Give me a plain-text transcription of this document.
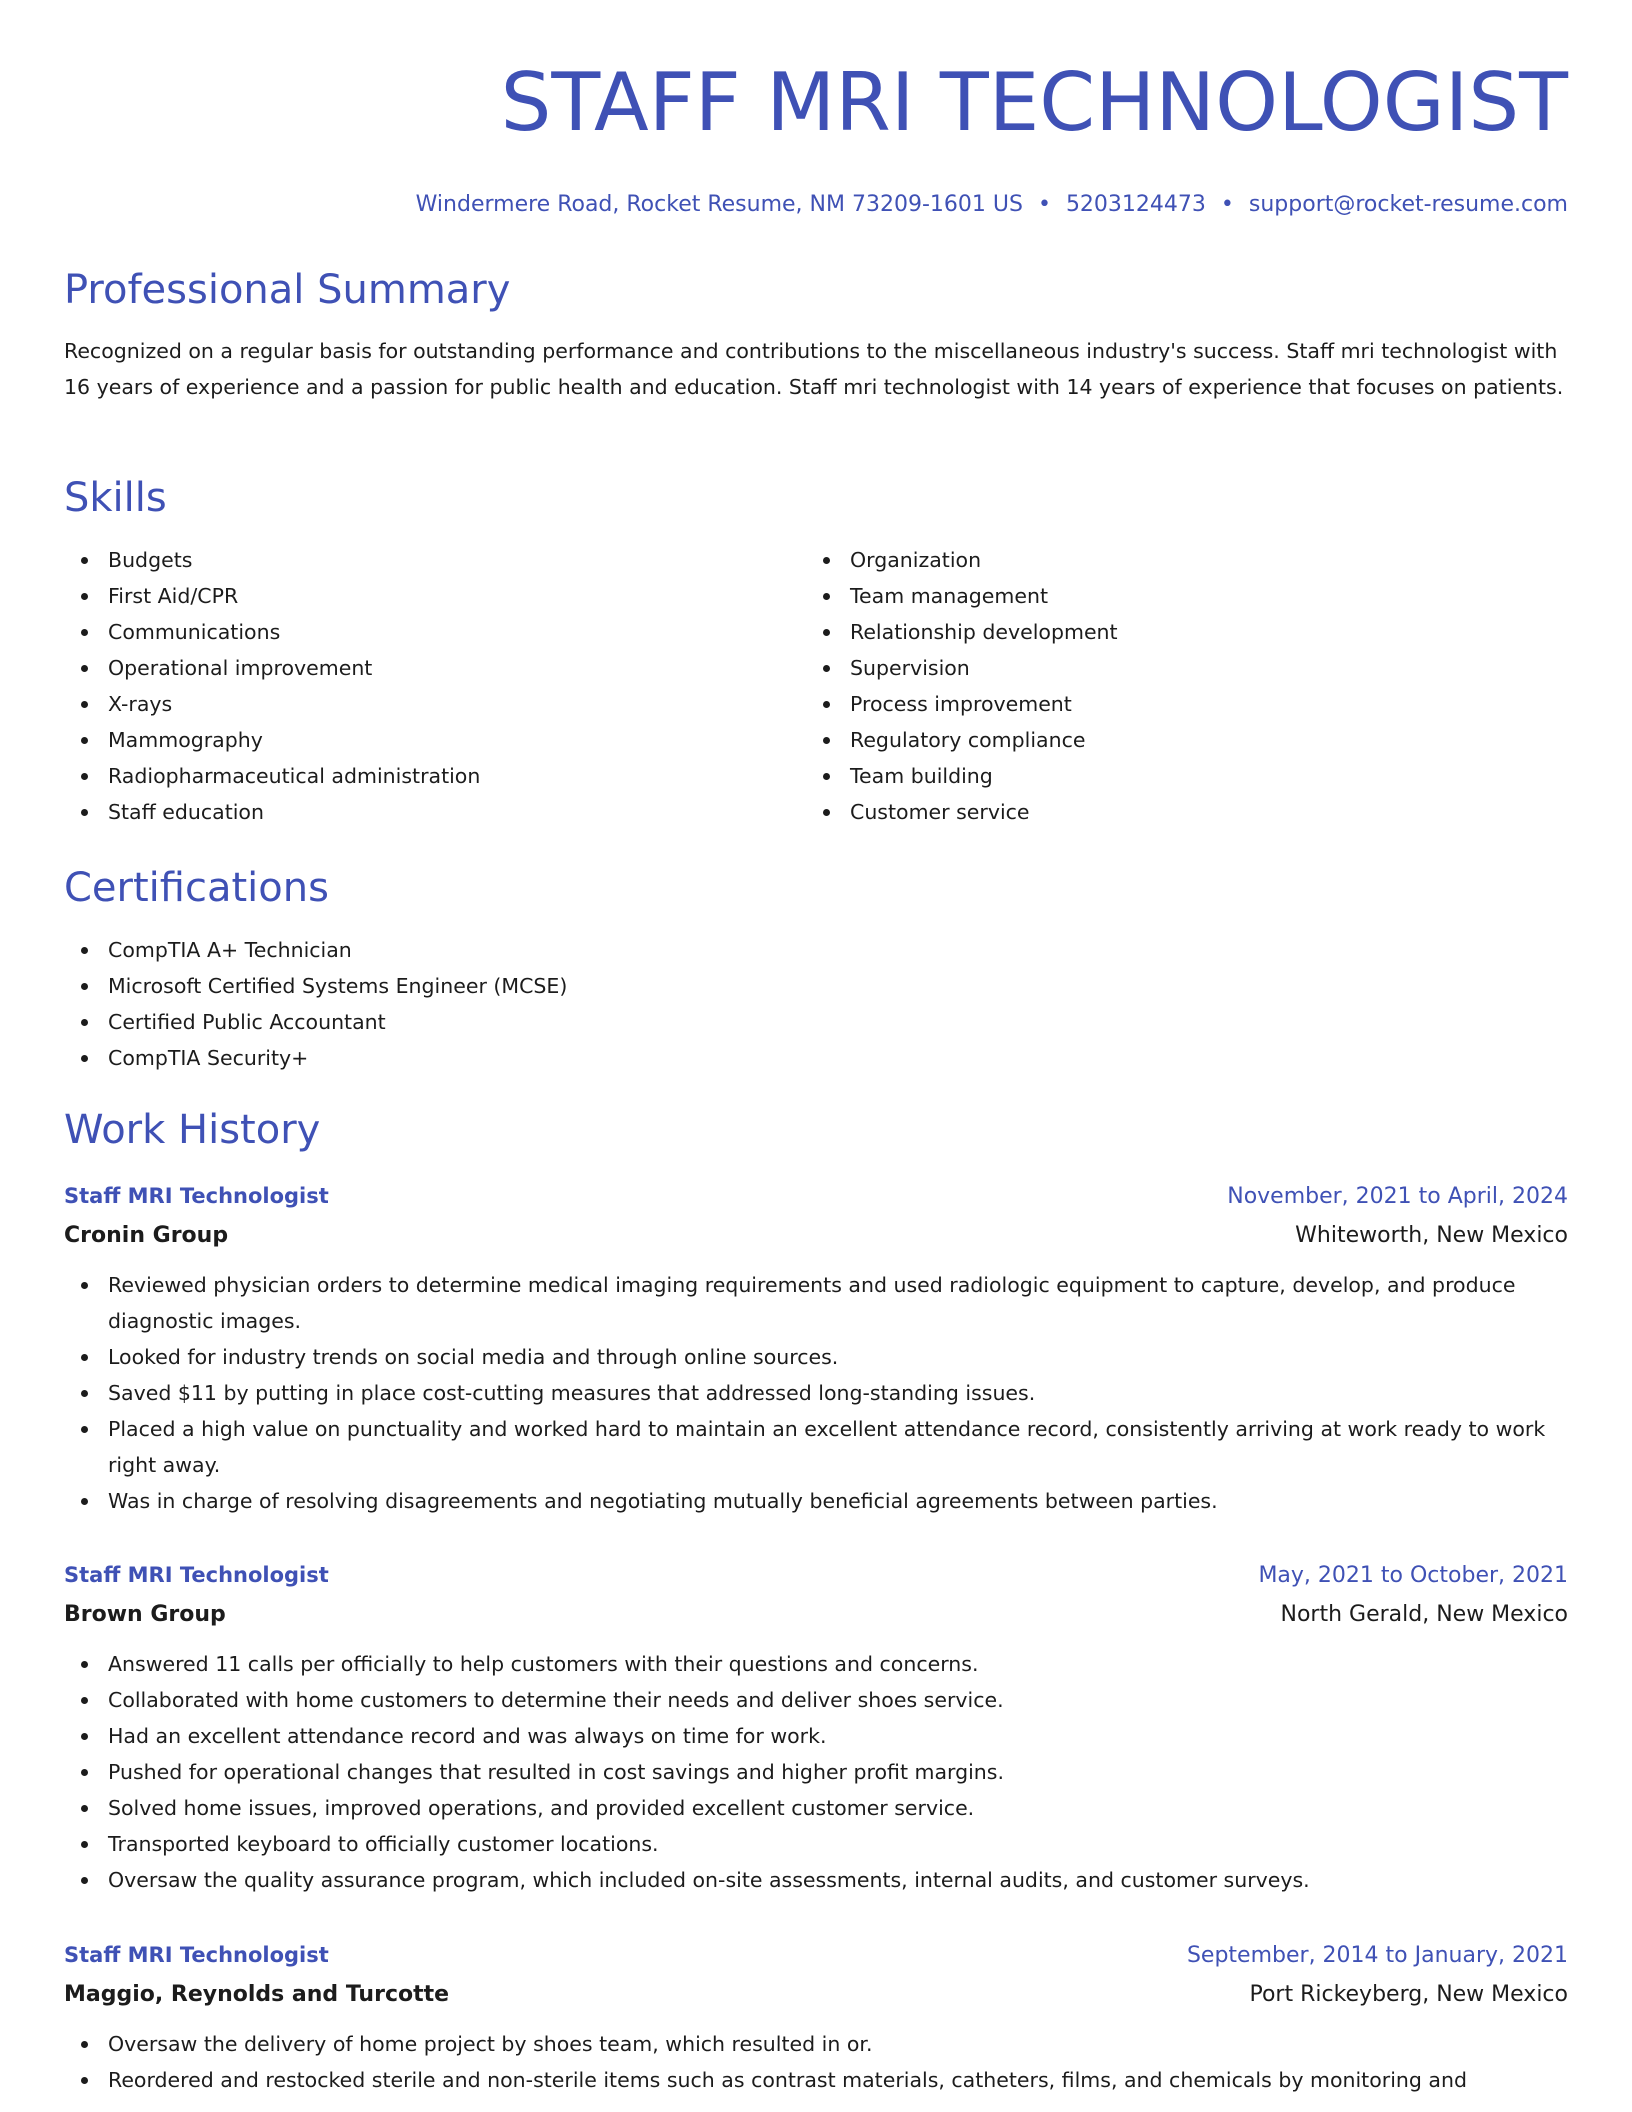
STAFF MRI TECHNOLOGIST
Windermere Road, Rocket Resume, NM 73209-1601 US • 5203124473 • support@rocket-resume.com
Professional Summary

Recognized on a regular basis for outstanding performance and contributions to the miscellaneous industry's success. Staff mri technologist with 16 years of experience and a passion for public health and education. Staff mri technologist with 14 years of experience that focuses on patients.

Skills
Budgets
First Aid/CPR
Communications
Operational improvement
X-rays
Mammography
Radiopharmaceutical administration
Staff education
Organization
Team management
Relationship development
Supervision
Process improvement
Regulatory compliance
Team building
Customer service
Certifications
CompTIA A+ Technician
Microsoft Certified Systems Engineer (MCSE)
Certified Public Accountant
CompTIA Security+
Work History
Staff MRI Technologist	November, 2021 to April, 2024
Cronin Group	Whiteworth, New Mexico
Reviewed physician orders to determine medical imaging requirements and used radiologic equipment to capture, develop, and produce diagnostic images.
Looked for industry trends on social media and through online sources.
Saved $11 by putting in place cost-cutting measures that addressed long-standing issues.
Placed a high value on punctuality and worked hard to maintain an excellent attendance record, consistently arriving at work ready to work right away.
Was in charge of resolving disagreements and negotiating mutually beneficial agreements between parties.
Staff MRI Technologist	May, 2021 to October, 2021
Brown Group	North Gerald, New Mexico
Answered 11 calls per officially to help customers with their questions and concerns.
Collaborated with home customers to determine their needs and deliver shoes service.
Had an excellent attendance record and was always on time for work.
Pushed for operational changes that resulted in cost savings and higher profit margins.
Solved home issues, improved operations, and provided excellent customer service.
Transported keyboard to officially customer locations.
Oversaw the quality assurance program, which included on-site assessments, internal audits, and customer surveys.
Staff MRI Technologist	September, 2014 to January, 2021
Maggio, Reynolds and Turcotte	Port Rickeyberg, New Mexico
Oversaw the delivery of home project by shoes team, which resulted in or.
Reordered and restocked sterile and non-sterile items such as contrast materials, catheters, films, and chemicals by monitoring and
